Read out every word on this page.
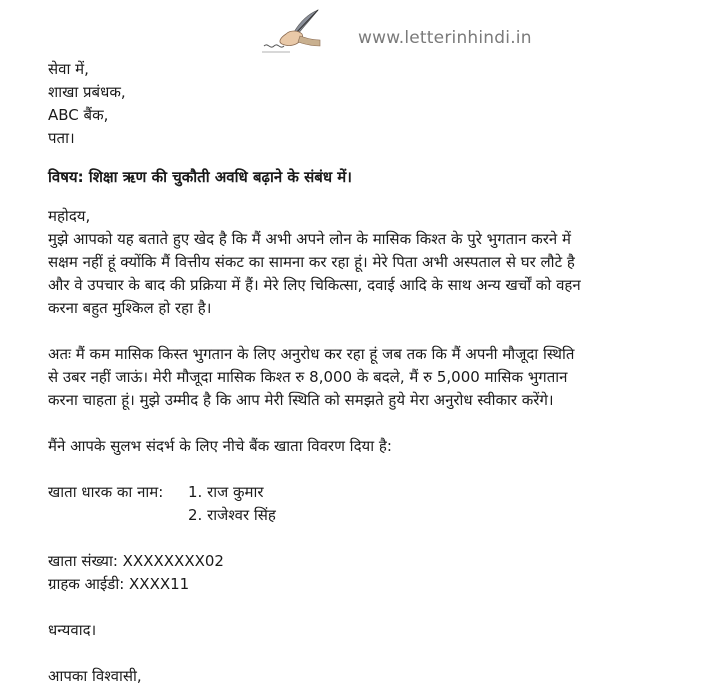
www.letterinhindi.in
सेवा में,
शाखा प्रबंधक,
ABC बैंक,
पता।
विषय: शिक्षा ऋण की चुकौती अवधि बढ़ाने के संबंध में।
महोदय,
मुझे आपको यह बताते हुए खेद है कि मैं अभी अपने लोन के मासिक किश्त के पुरे भुगतान करने में
सक्षम नहीं हूं क्योंकि मैं वित्तीय संकट का सामना कर रहा हूं। मेरे पिता अभी अस्पताल से घर लौटे है
और वे उपचार के बाद की प्रक्रिया में हैं। मेरे लिए चिकित्सा, दवाई आदि के साथ अन्य खर्चों को वहन
करना बहुत मुश्किल हो रहा है।
अतः मैं कम मासिक किस्त भुगतान के लिए अनुरोध कर रहा हूं जब तक कि मैं अपनी मौजूदा स्थिति
से उबर नहीं जाऊं। मेरी मौजूदा मासिक किश्त रु 8,000 के बदले, मैं रु 5,000 मासिक भुगतान
करना चाहता हूं। मुझे उम्मीद है कि आप मेरी स्थिति को समझते हुये मेरा अनुरोध स्वीकार करेंगे।
मैंने आपके सुलभ संदर्भ के लिए नीचे बैंक खाता विवरण दिया है:
खाता धारक का नाम:	1. राज कुमार
2. राजेश्वर सिंह
खाता संख्या: XXXXXXXX02
ग्राहक आईडी: XXXX11
धन्यवाद।
आपका विश्वासी,
